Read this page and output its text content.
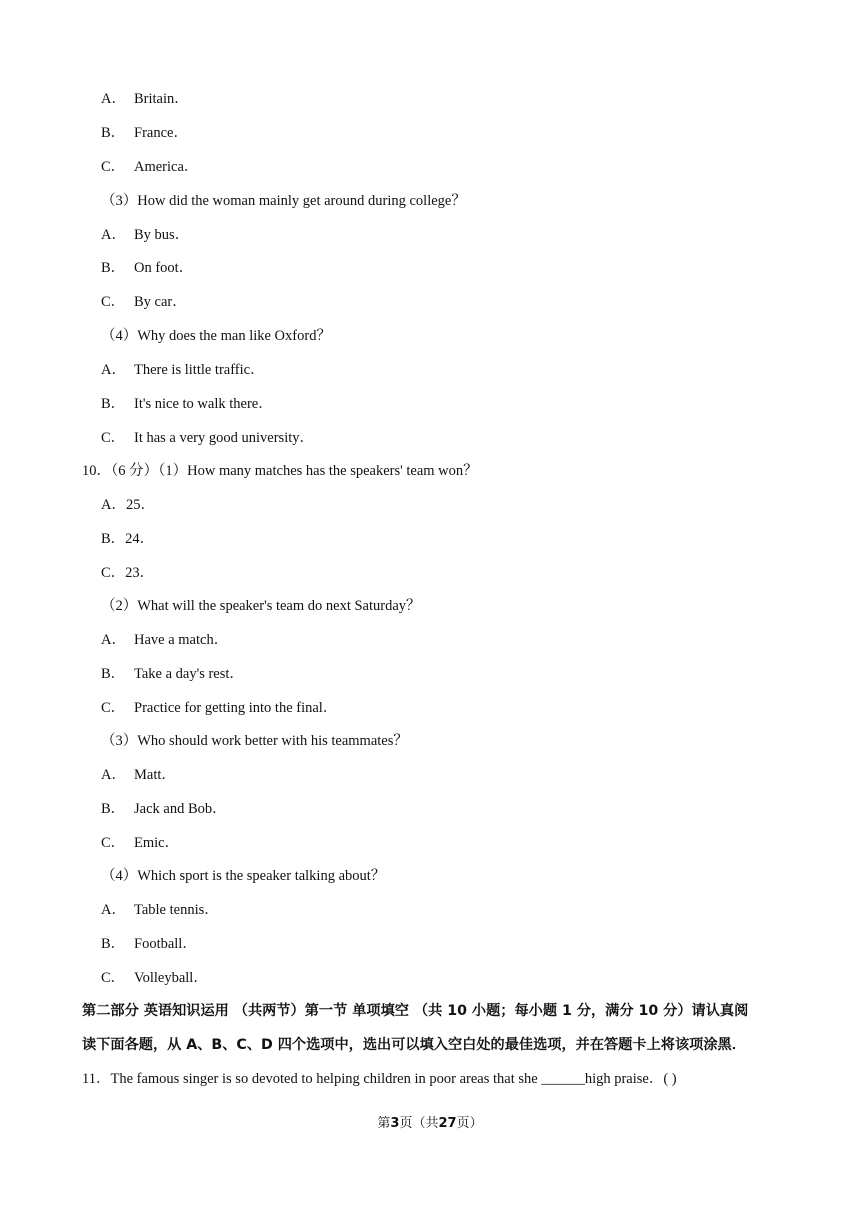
A． Britain．
B． France．
C． America．
（3）How did the woman mainly get around during college？
A． By bus．
B． On foot．
C． By car．
（4）Why does the man like Oxford？
A． There is little traffic．
B． It's nice to walk there．
C． It has a very good university．
10．（6 分）（1）How many matches has the speakers' team won？
A．25．
B．24．
C．23．
（2）What will the speaker's team do next Saturday？
A． Have a match．
B． Take a day's rest．
C． Practice for getting into the final．
（3）Who should work better with his teammates？
A． Matt．
B． Jack and Bob．
C． Emic．
（4）Which sport is the speaker talking about？
A． Table tennis．
B． Football．
C． Volleyball．
第二部分 英语知识运用 （共两节）第一节 单项填空 （共 10 小题；每小题 1 分，满分 10 分）请认真阅
读下面各题，从 A、B、C、D 四个选项中，选出可以填入空白处的最佳选项，并在答题卡上将该项涂黑．
11．The famous singer is so devoted to helping children in poor areas that she ______high praise．( )
第3页（共27页）
